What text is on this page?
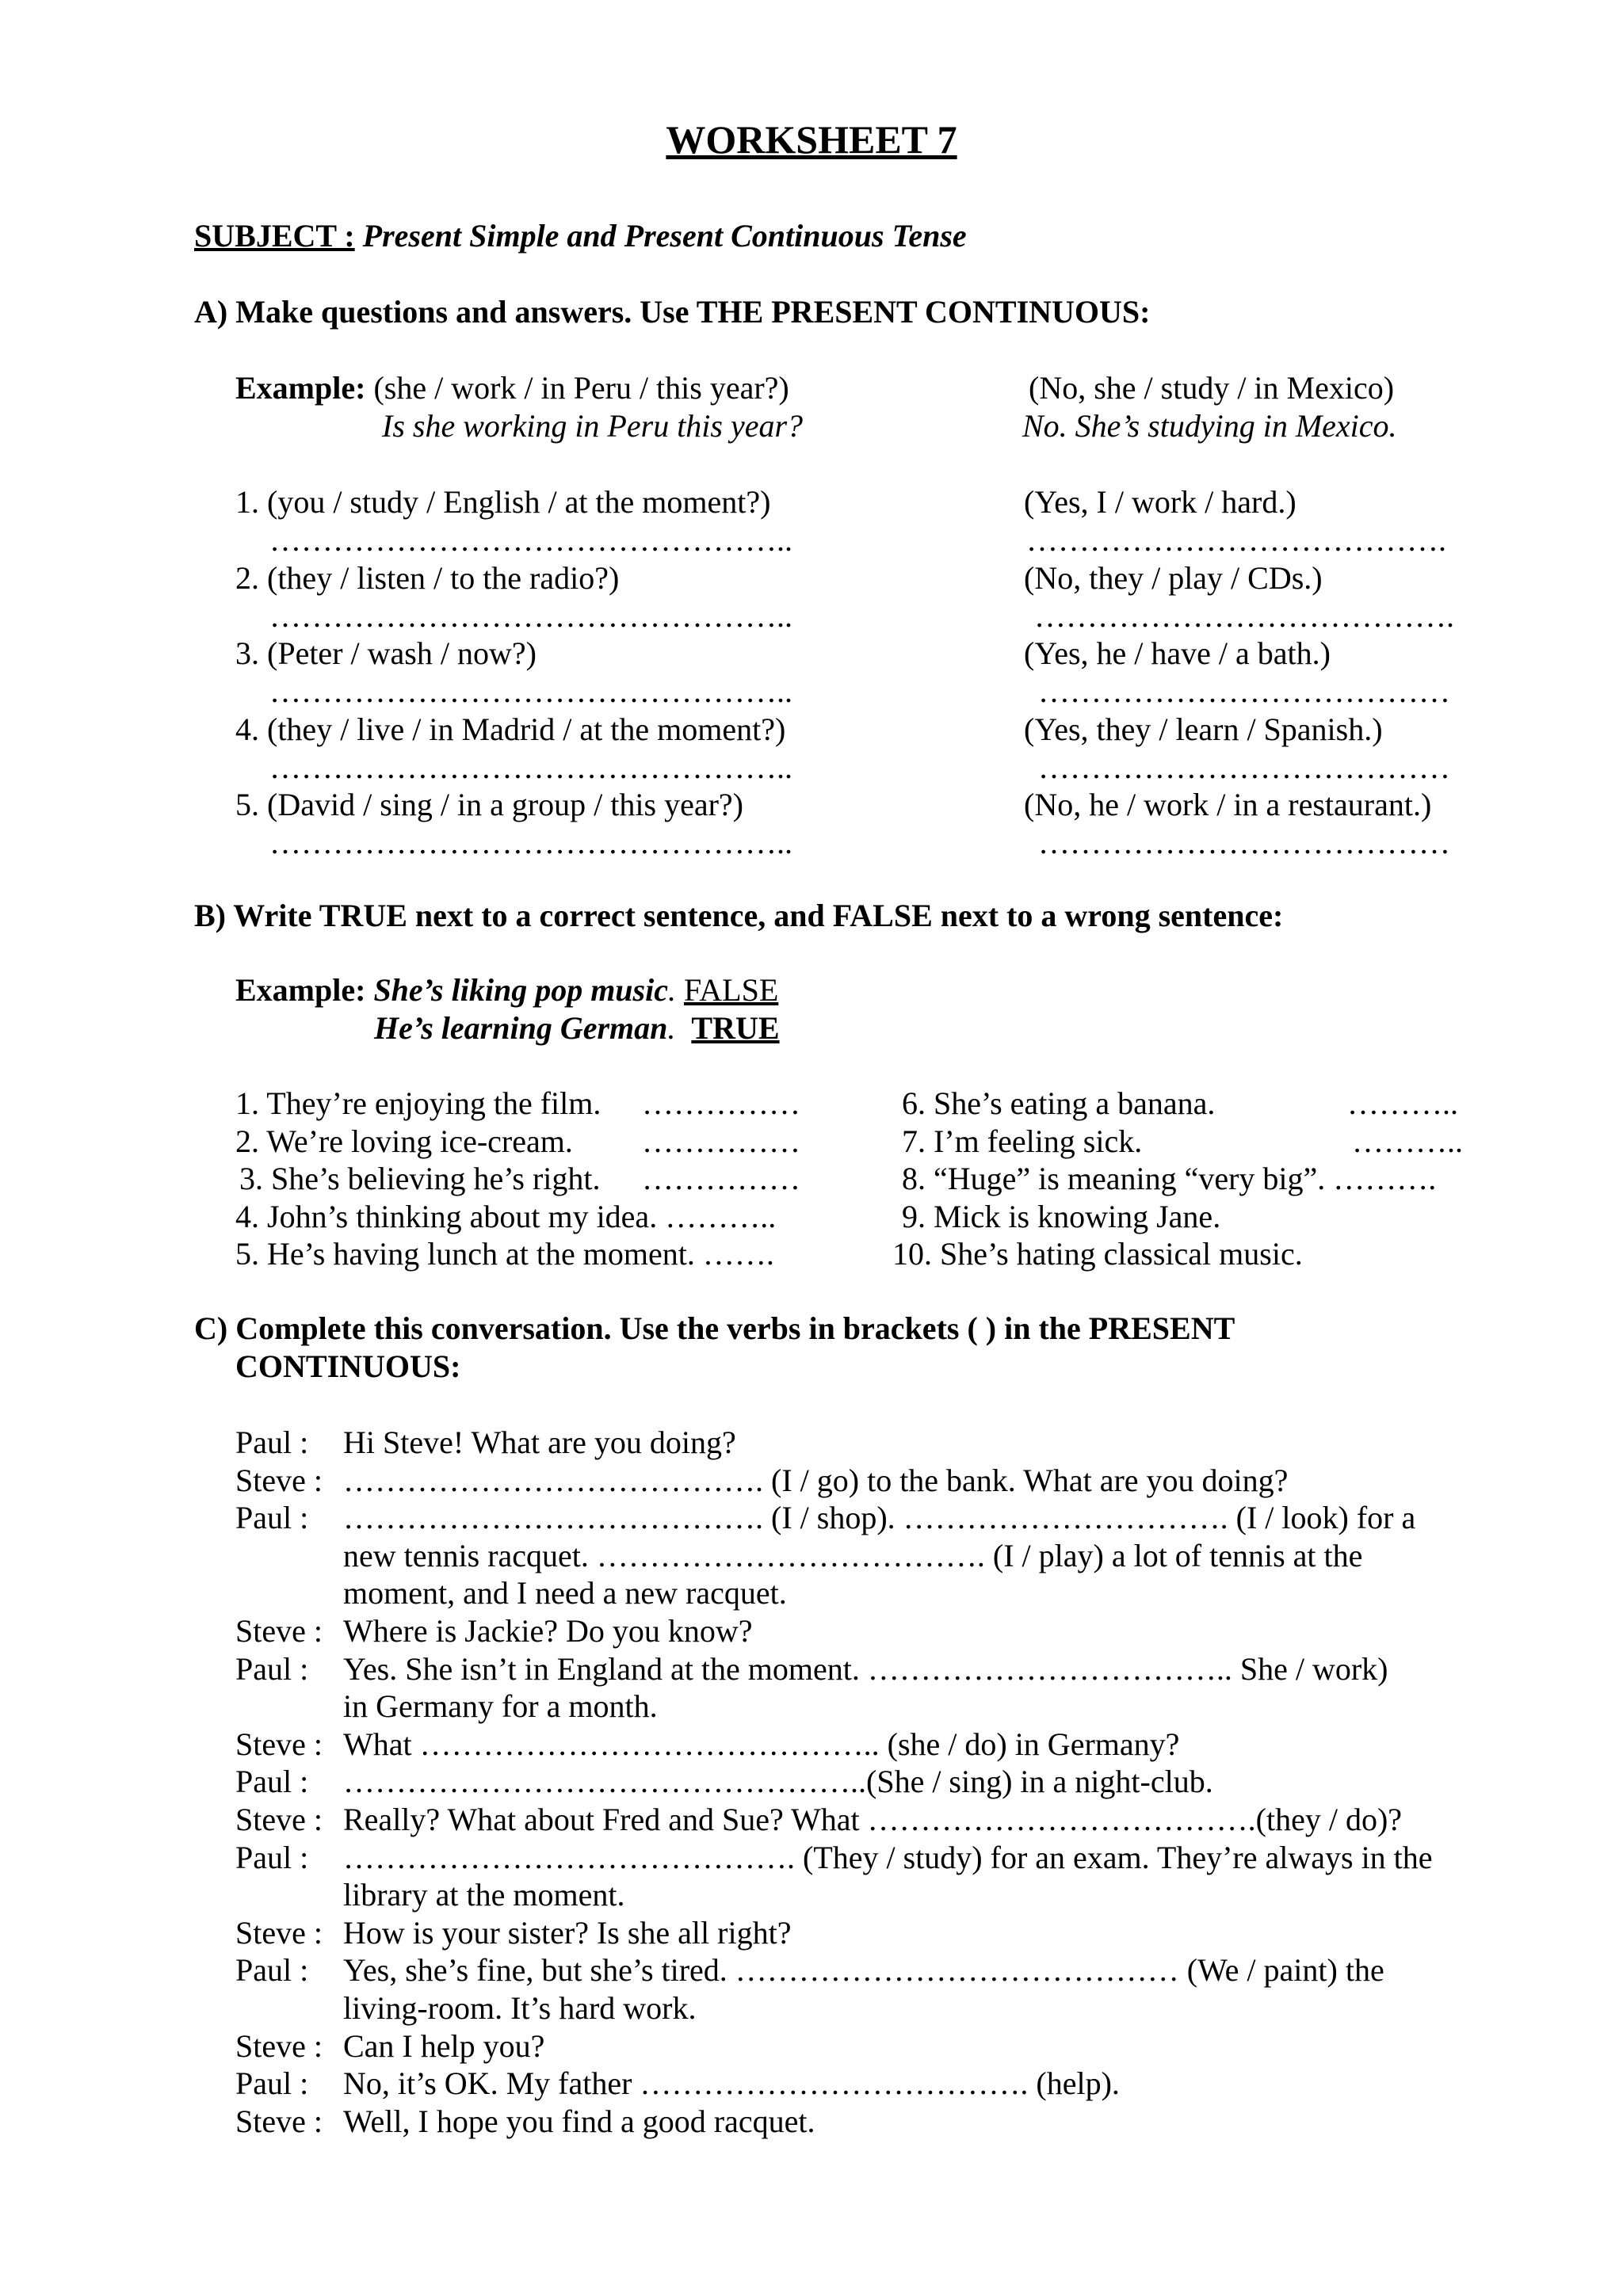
WORKSHEET 7
SUBJECT : Present Simple and Present Continuous Tense
A) Make questions and answers. Use THE PRESENT CONTINUOUS:
Example: (she / work / in Peru / this year?)	(No, she / study / in Mexico)
Is she working in Peru this year?	No. She’s studying in Mexico.
1. (you / study / English / at the moment?)	(Yes, I / work / hard.)
…………………………………………..	………………………………….
2. (they / listen / to the radio?)	(No, they / play / CDs.)
…………………………………………..	………………………………….
3. (Peter / wash / now?)	(Yes, he / have / a bath.)
…………………………………………..	…………………………………
4. (they / live / in Madrid / at the moment?)	(Yes, they / learn / Spanish.)
…………………………………………..	…………………………………
5. (David / sing / in a group / this year?)	(No, he / work / in a restaurant.)
…………………………………………..	…………………………………
B) Write TRUE next to a correct sentence, and FALSE next to a wrong sentence:
Example: She’s liking pop music. FALSE
He’s learning German. TRUE
1. They’re enjoying the film. ……………
2. We’re loving ice-cream. ……………
3. She’s believing he’s right. ……………
4. John’s thinking about my idea. ………..
5. He’s having lunch at the moment. …….
6. She’s eating a banana.	………..
7. I’m feeling sick.	………..
8. “Huge” is meaning “very big”. ……….
9. Mick is knowing Jane.
10. She’s hating classical music.
C) Complete this conversation. Use the verbs in brackets ( ) in the PRESENT
CONTINUOUS:
Paul : Hi Steve! What are you doing?
Steve : …………………………………. (I / go) to the bank. What are you doing?
Paul : …………………………………. (I / shop). …………………………. (I / look) for a
new tennis racquet. ………………………………. (I / play) a lot of tennis at the
moment, and I need a new racquet.
Steve : Where is Jackie? Do you know?
Paul : Yes. She isn’t in England at the moment. …………………………….. She / work)
in Germany for a month.
Steve : What …………………………………….. (she / do) in Germany?
Paul : …………………………………………..(She / sing) in a night-club.
Steve : Really? What about Fred and Sue? What ……………………………….(they / do)?
Paul : ……………………………………. (They / study) for an exam. They’re always in the
library at the moment.
Steve : How is your sister? Is she all right?
Paul : Yes, she’s fine, but she’s tired. …………………………………… (We / paint) the
living-room. It’s hard work.
Steve : Can I help you?
Paul : No, it’s OK. My father ………………………………. (help).
Steve : Well, I hope you find a good racquet.
